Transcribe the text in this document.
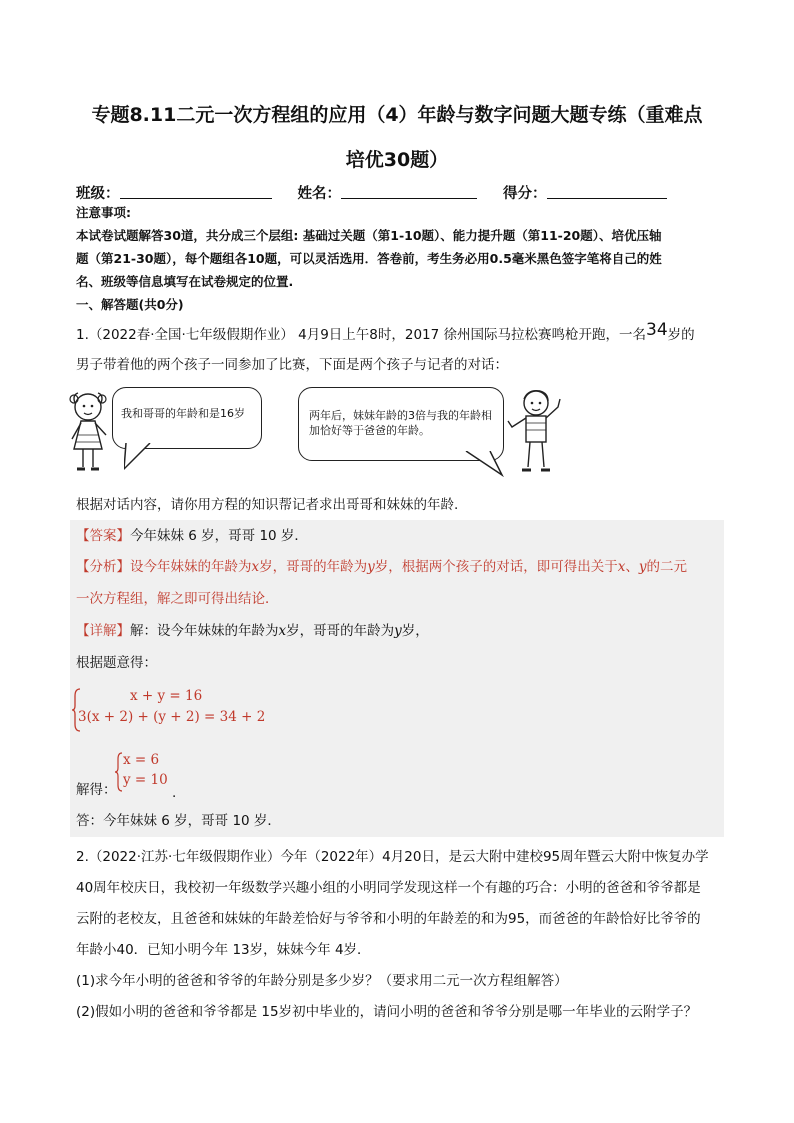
专题8.11二元一次方程组的应用（4）年龄与数字问题大题专练（重难点
培优30题）
班级：	姓名：	得分：
注意事项:
本试卷试题解答30道，共分成三个层组: 基础过关题（第1-10题）、能力提升题（第11-20题）、培优压轴
题（第21-30题），每个题组各10题，可以灵活选用．答卷前，考生务必用0.5毫米黑色签字笔将自己的姓
名、班级等信息填写在试卷规定的位置.
一、解答题(共0分)
1.（2022春·全国·七年级假期作业） 4月9日上午8时，2017 徐州国际马拉松赛鸣枪开跑，一名34岁的
男子带着他的两个孩子一同参加了比赛，下面是两个孩子与记者的对话：
我和哥哥的年龄和是16岁	两年后，妹妹年龄的3倍与我的年龄相加恰好等于爸爸的年龄。
根据对话内容，请你用方程的知识帮记者求出哥哥和妹妹的年龄.
【答案】今年妹妹 6 岁，哥哥 10 岁．
【分析】设今年妹妹的年龄为x岁，哥哥的年龄为y岁，根据两个孩子的对话，即可得出关于x、y的二元
一次方程组，解之即可得出结论．
【详解】解：设今年妹妹的年龄为x岁，哥哥的年龄为y岁，
根据题意得：
x + y = 16
3(x + 2) + (y + 2) = 34 + 2
解得：
x = 6
y = 10
.
答：今年妹妹 6 岁，哥哥 10 岁．
2.（2022·江苏·七年级假期作业）今年（2022年）4月20日，是云大附中建校95周年暨云大附中恢复办学
40周年校庆日，我校初一年级数学兴趣小组的小明同学发现这样一个有趣的巧合：小明的爸爸和爷爷都是
云附的老校友，且爸爸和妹妹的年龄差恰好与爷爷和小明的年龄差的和为95，而爸爸的年龄恰好比爷爷的
年龄小40．已知小明今年 13岁，妹妹今年 4岁．
(1)求今年小明的爸爸和爷爷的年龄分别是多少岁？（要求用二元一次方程组解答）
(2)假如小明的爸爸和爷爷都是 15岁初中毕业的，请问小明的爸爸和爷爷分别是哪一年毕业的云附学子？
